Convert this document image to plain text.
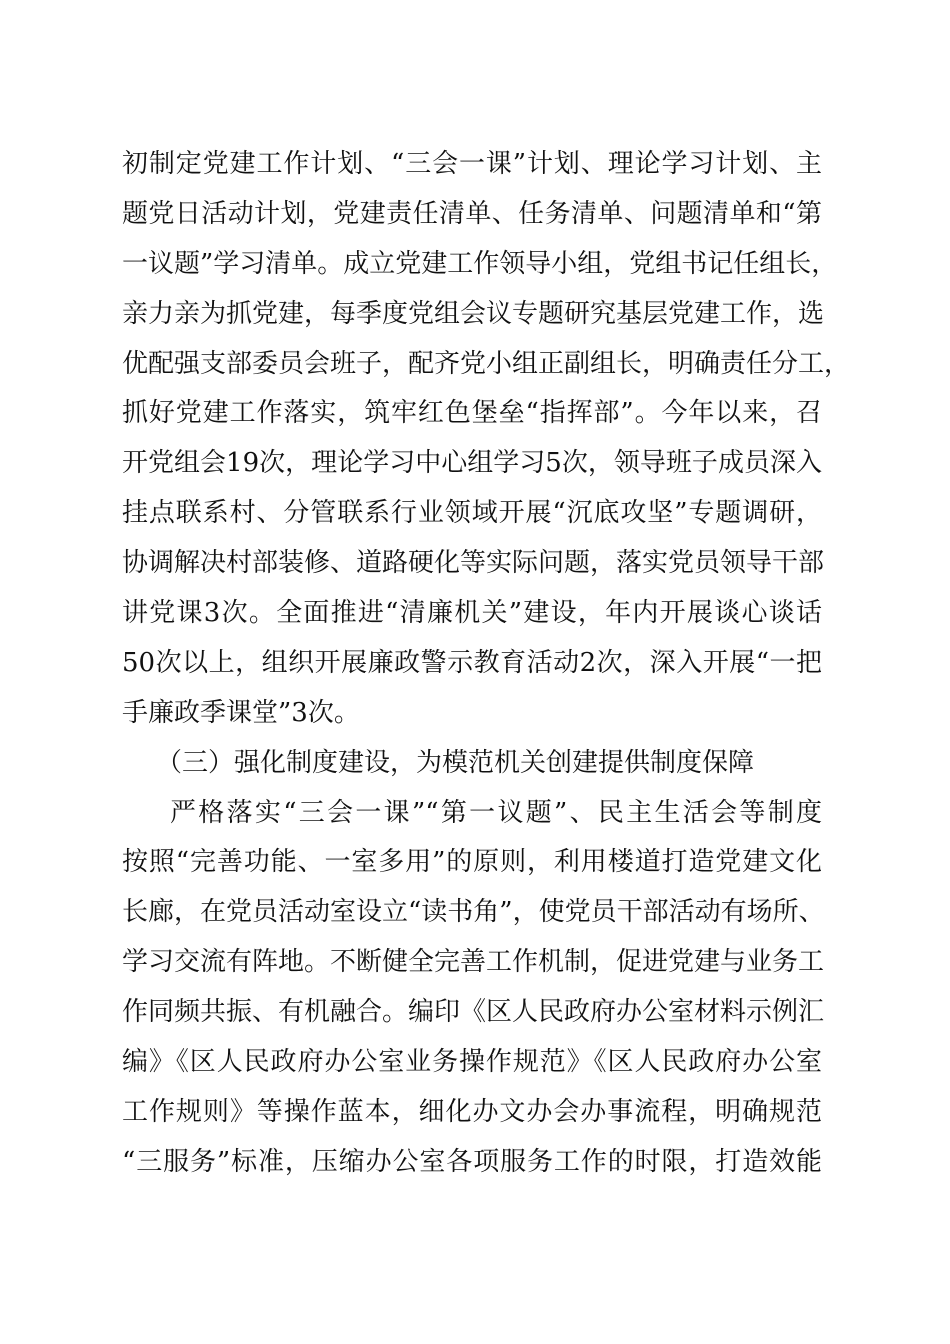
初制定党建工作计划、“三会一课”计划、理论学习计划、主
题党日活动计划，党建责任清单、任务清单、问题清单和“第
一议题”学习清单。成立党建工作领导小组，党组书记任组长，
亲力亲为抓党建，每季度党组会议专题研究基层党建工作，选
优配强支部委员会班子，配齐党小组正副组长，明确责任分工，
抓好党建工作落实，筑牢红色堡垒“指挥部”。今年以来，召
开党组会19次，理论学习中心组学习5次，领导班子成员深入
挂点联系村、分管联系行业领域开展“沉底攻坚”专题调研，
协调解决村部装修、道路硬化等实际问题，落实党员领导干部
讲党课3次。全面推进“清廉机关”建设，年内开展谈心谈话
50次以上，组织开展廉政警示教育活动2次，深入开展“一把
手廉政季课堂”3次。
（三）强化制度建设，为模范机关创建提供制度保障
严格落实“三会一课”“第一议题”、民主生活会等制度
按照“完善功能、一室多用”的原则，利用楼道打造党建文化
长廊，在党员活动室设立“读书角”，使党员干部活动有场所、
学习交流有阵地。不断健全完善工作机制，促进党建与业务工
作同频共振、有机融合。编印《区人民政府办公室材料示例汇
编》《区人民政府办公室业务操作规范》《区人民政府办公室
工作规则》等操作蓝本，细化办文办会办事流程，明确规范
“三服务”标准，压缩办公室各项服务工作的时限，打造效能
